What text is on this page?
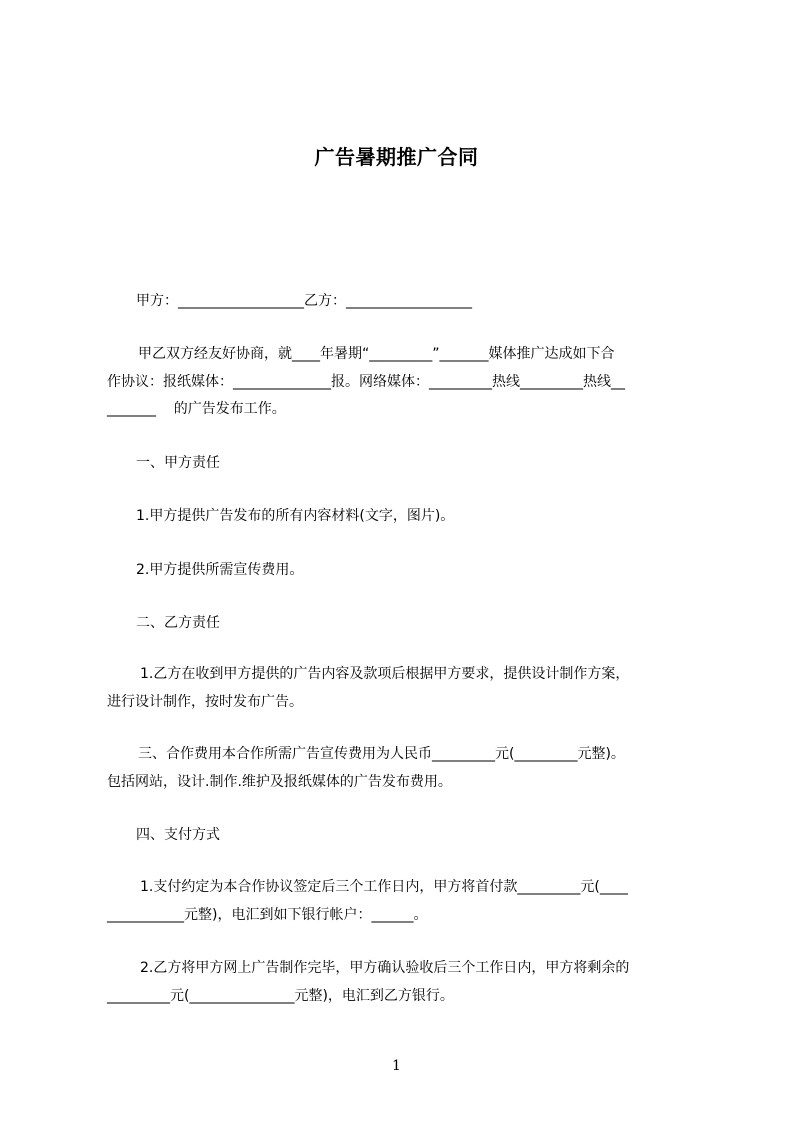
广告暑期推广合同
甲方：__________________乙方：__________________
甲乙双方经友好协商，就____年暑期“_________”_______媒体推广达成如下合
作协议：报纸媒体：______________报。网络媒体：_________热线_________热线__
_______    的广告发布工作。
一、甲方责任
1.甲方提供广告发布的所有内容材料(文字，图片)。
2.甲方提供所需宣传费用。
二、乙方责任
1.乙方在收到甲方提供的广告内容及款项后根据甲方要求，提供设计制作方案，
进行设计制作，按时发布广告。
三、合作费用本合作所需广告宣传费用为人民币_________元(_________元整)。
包括网站，设计.制作.维护及报纸媒体的广告发布费用。
四、支付方式
1.支付约定为本合作协议签定后三个工作日内，甲方将首付款_________元(____
___________元整)，电汇到如下银行帐户：______。
2.乙方将甲方网上广告制作完毕，甲方确认验收后三个工作日内，甲方将剩余的
_________元(_______________元整)，电汇到乙方银行。
1
